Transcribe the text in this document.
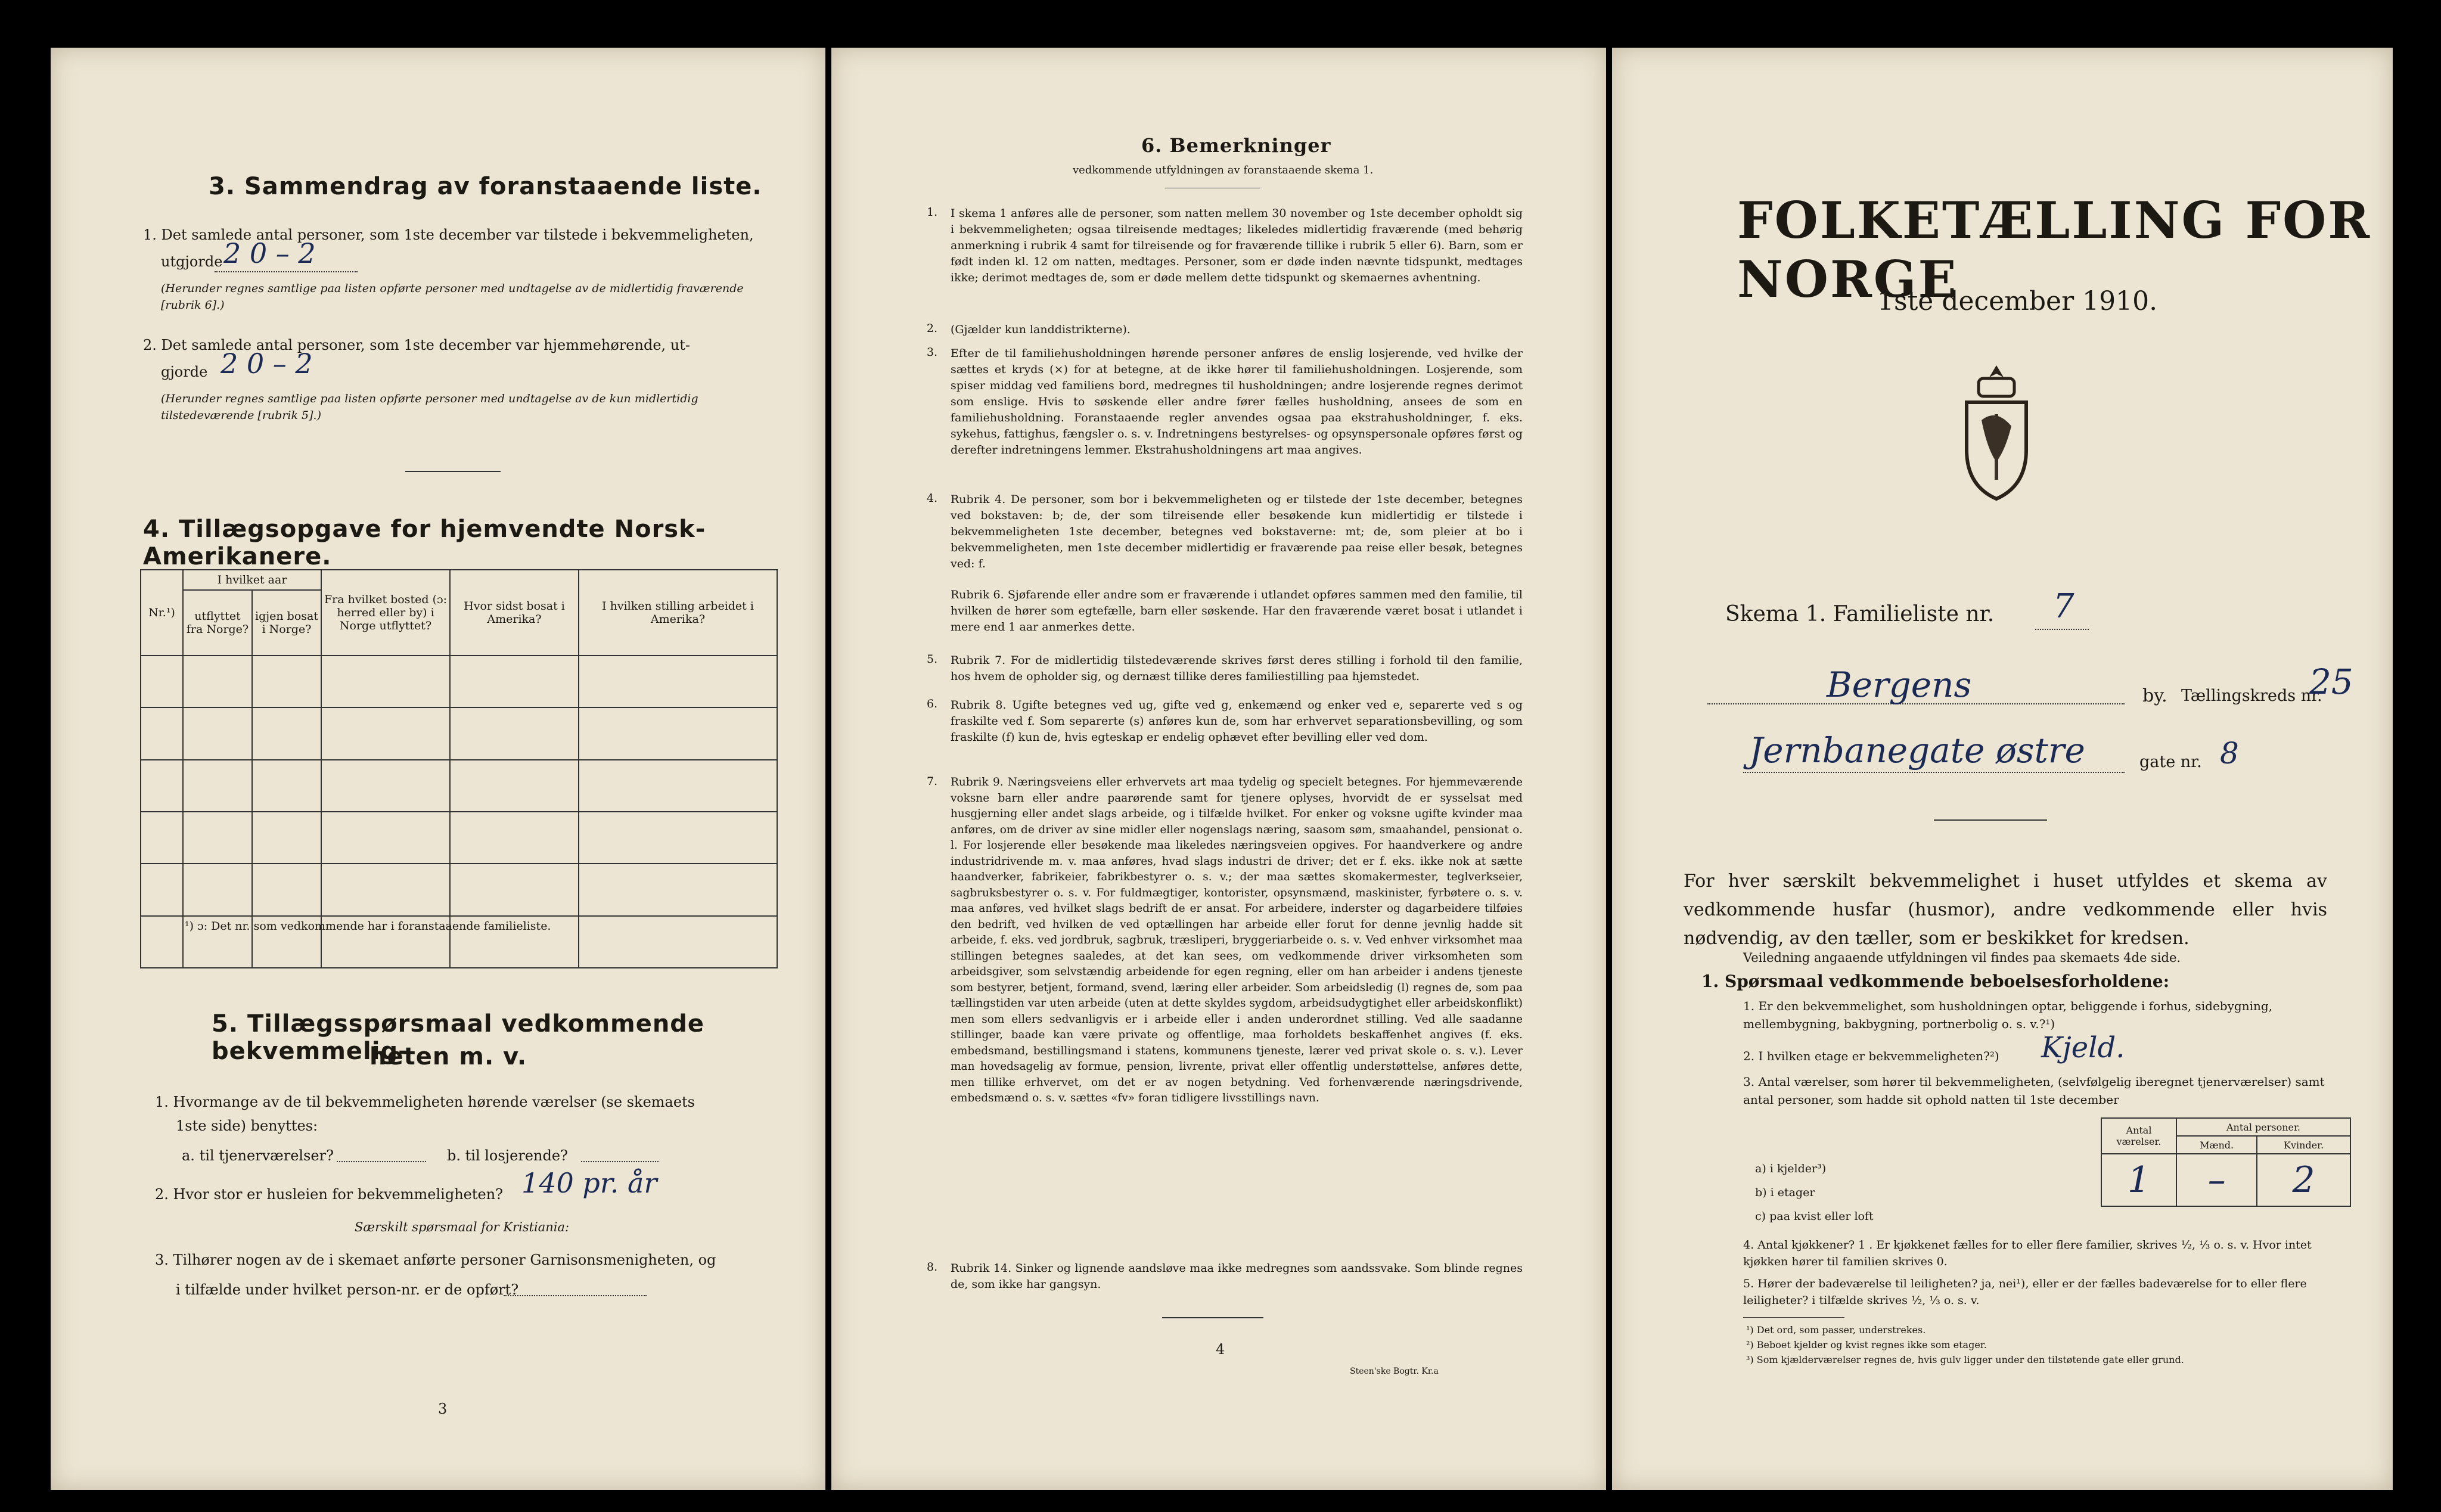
3. Sammendrag av foranstaaende liste.
1. Det samlede antal personer, som 1ste december var tilstede i bekvemmeligheten,
utgjorde 2 0 – 2
(Herunder regnes samtlige paa listen opførte personer med undtagelse av de midlertidig fraværende [rubrik 6].)
2. Det samlede antal personer, som 1ste december var hjemmehørende, ut-
gjorde 2 0 – 2
(Herunder regnes samtlige paa listen opførte personer med undtagelse av de kun midlertidig tilstedeværende [rubrik 5].)
4. Tillægsopgave for hjemvendte Norsk-Amerikanere.
Nr.¹)	I hvilket aar		Fra hvilket bosted (ɔ: herred eller by) i Norge utflyttet?	Hvor sidst bosat i Amerika?	I hvilken stilling arbeidet i Amerika?
	utflyttet fra Norge?	igjen bosat i Norge?			

¹) ɔ: Det nr. som vedkommende har i foranstaaende familieliste.
5. Tillægsspørsmaal vedkommende bekvemmelig-
heten m. v.
1. Hvormange av de til bekvemmeligheten hørende værelser (se skemaets
1ste side) benyttes:
a. til tjenerværelser?	b. til losjerende?
2. Hvor stor er husleien for bekvemmeligheten? 140 pr. år
Særskilt spørsmaal for Kristiania:
3. Tilhører nogen av de i skemaet anførte personer Garnisonsmenigheten, og
i tilfælde under hvilket person-nr. er de opført?
3
6. Bemerkninger
vedkommende utfyldningen av foranstaaende skema 1.
1. I skema 1 anføres alle de personer, som natten mellem 30 november og 1ste december opholdt sig i bekvemmeligheten; ogsaa tilreisende medtages; likeledes midlertidig fraværende (med behørig anmerkning i rubrik 4 samt for tilreisende og for fraværende tillike i rubrik 5 eller 6). Barn, som er født inden kl. 12 om natten, medtages. Personer, som er døde inden nævnte tidspunkt, medtages ikke; derimot medtages de, som er døde mellem dette tidspunkt og skemaernes avhentning.
2. (Gjælder kun landdistrikterne).
3. Efter de til familiehusholdningen hørende personer anføres de enslig losjerende, ved hvilke der sættes et kryds (×) for at betegne, at de ikke hører til familiehusholdningen. Losjerende, som spiser middag ved familiens bord, medregnes til husholdningen; andre losjerende regnes derimot som enslige. Hvis to søskende eller andre fører fælles husholdning, ansees de som en familiehusholdning. Foranstaaende regler anvendes ogsaa paa ekstrahusholdninger, f. eks. sykehus, fattighus, fængsler o. s. v. Indretningens bestyrelses- og opsynspersonale opføres først og derefter indretningens lemmer. Ekstrahusholdningens art maa angives.
4. Rubrik 4. De personer, som bor i bekvemmeligheten og er tilstede der 1ste december, betegnes ved bokstaven: b; de, der som tilreisende eller besøkende kun midlertidig er tilstede i bekvemmeligheten 1ste december, betegnes ved bokstaverne: mt; de, som pleier at bo i bekvemmeligheten, men 1ste december midlertidig er fraværende paa reise eller besøk, betegnes ved: f.
Rubrik 6. Sjøfarende eller andre som er fraværende i utlandet opføres sammen med den familie, til hvilken de hører som egtefælle, barn eller søskende. Har den fraværende været bosat i utlandet i mere end 1 aar anmerkes dette.
5. Rubrik 7. For de midlertidig tilstedeværende skrives først deres stilling i forhold til den familie, hos hvem de opholder sig, og dernæst tillike deres familiestilling paa hjemstedet.
6. Rubrik 8. Ugifte betegnes ved ug, gifte ved g, enkemænd og enker ved e, separerte ved s og fraskilte ved f. Som separerte (s) anføres kun de, som har erhvervet separationsbevilling, og som fraskilte (f) kun de, hvis egteskap er endelig ophævet efter bevilling eller ved dom.
7. Rubrik 9. Næringsveiens eller erhvervets art maa tydelig og specielt betegnes. For hjemmeværende voksne barn eller andre paarørende samt for tjenere oplyses, hvorvidt de er sysselsat med husgjerning eller andet slags arbeide, og i tilfælde hvilket. For enker og voksne ugifte kvinder maa anføres, om de driver av sine midler eller nogenslags næring, saasom søm, smaahandel, pensionat o. l. For losjerende eller besøkende maa likeledes næringsveien opgives. For haandverkere og andre industridrivende m. v. maa anføres, hvad slags industri de driver; det er f. eks. ikke nok at sætte haandverker, fabrikeier, fabrikbestyrer o. s. v.; der maa sættes skomakermester, teglverkseier, sagbruksbestyrer o. s. v. For fuldmægtiger, kontorister, opsynsmænd, maskinister, fyrbøtere o. s. v. maa anføres, ved hvilket slags bedrift de er ansat. For arbeidere, inderster og dagarbeidere tilføies den bedrift, ved hvilken de ved optællingen har arbeide eller forut for denne jevnlig hadde sit arbeide, f. eks. ved jordbruk, sagbruk, træsliperi, bryggeriarbeide o. s. v. Ved enhver virksomhet maa stillingen betegnes saaledes, at det kan sees, om vedkommende driver virksomheten som arbeidsgiver, som selvstændig arbeidende for egen regning, eller om han arbeider i andens tjeneste som bestyrer, betjent, formand, svend, læring eller arbeider. Som arbeidsledig (l) regnes de, som paa tællingstiden var uten arbeide (uten at dette skyldes sygdom, arbeidsudygtighet eller arbeidskonflikt) men som ellers sedvanligvis er i arbeide eller i anden underordnet stilling. Ved alle saadanne stillinger, baade kan være private og offentlige, maa forholdets beskaffenhet angives (f. eks. embedsmand, bestillingsmand i statens, kommunens tjeneste, lærer ved privat skole o. s. v.). Lever man hovedsagelig av formue, pension, livrente, privat eller offentlig understøttelse, anføres dette, men tillike erhvervet, om det er av nogen betydning. Ved forhenværende næringsdrivende, embedsmænd o. s. v. sættes «fv» foran tidligere livsstillings navn.
8. Rubrik 14. Sinker og lignende aandsløve maa ikke medregnes som aandssvake. Som blinde regnes de, som ikke har gangsyn.
4
Steen'ske Bogtr. Kr.a
FOLKETÆLLING FOR NORGE
1ste december 1910.
Skema 1. Familieliste nr. 7
Bergens	by. Tællingskreds nr.
25
Jernbanegate østre	gate nr. 8
For hver særskilt bekvemmelighet i huset utfyldes et skema av vedkommende husfar (husmor), andre vedkommende eller hvis nødvendig, av den tæller, som er beskikket for kredsen.
Veiledning angaaende utfyldningen vil findes paa skemaets 4de side.
1. Spørsmaal vedkommende beboelsesforholdene:
1. Er den bekvemmelighet, som husholdningen optar, beliggende i forhus, sidebygning, mellembygning, bakbygning, portnerbolig o. s. v.?¹)
2. I hvilken etage er bekvemmeligheten?²) Kjeld.
3. Antal værelser, som hører til bekvemmeligheten, (selvfølgelig iberegnet tjenerværelser) samt antal personer, som hadde sit ophold natten til 1ste december
Antal værelser.	Antal personer.	
	Mænd.	Kvinder.
1	–	2
a) i kjelder³)
b) i etager
c) paa kvist eller loft
4. Antal kjøkkener? 1 . Er kjøkkenet fælles for to eller flere familier, skrives ½, ⅓ o. s. v. Hvor intet kjøkken hører til familien skrives 0.
5. Hører der badeværelse til leiligheten? ja, nei¹), eller er der fælles badeværelse for to eller flere leiligheter? i tilfælde skrives ½, ⅓ o. s. v.
¹) Det ord, som passer, understrekes.
²) Beboet kjelder og kvist regnes ikke som etager.
³) Som kjælderværelser regnes de, hvis gulv ligger under den tilstøtende gate eller grund.
